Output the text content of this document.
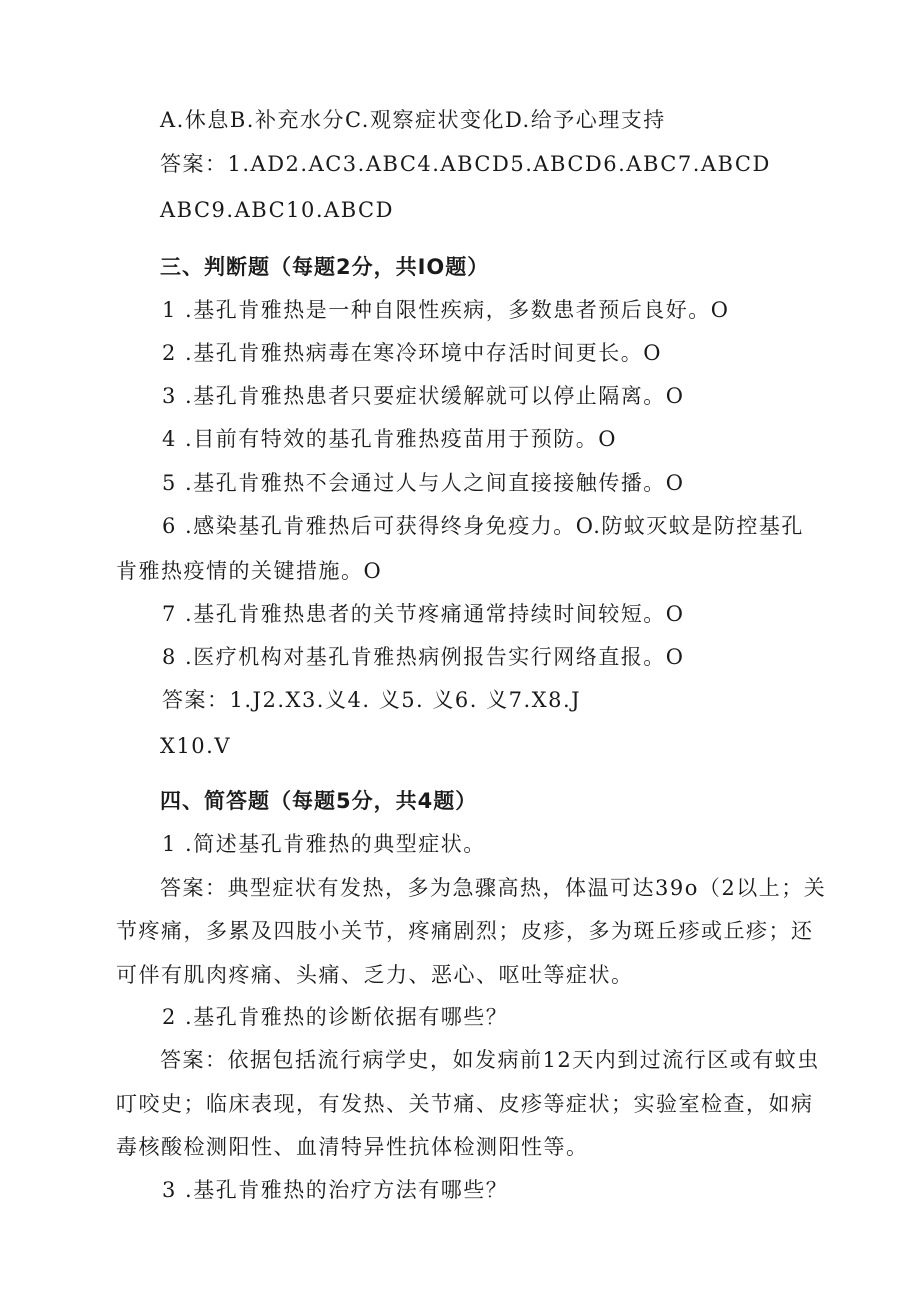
A.休息B.补充水分C.观察症状变化D.给予心理支持
答案：1.AD2.AC3.ABC4.ABCD5.ABCD6.ABC7.ABCD
ABC9.ABC10.ABCD
三、判断题（每题2分，共IO题）
1 .基孔肯雅热是一种自限性疾病，多数患者预后良好。O
2 .基孔肯雅热病毒在寒冷环境中存活时间更长。O
3 .基孔肯雅热患者只要症状缓解就可以停止隔离。O
4 .目前有特效的基孔肯雅热疫苗用于预防。O
5 .基孔肯雅热不会通过人与人之间直接接触传播。O
6 .感染基孔肯雅热后可获得终身免疫力。O.防蚊灭蚊是防控基孔
肯雅热疫情的关键措施。O
7 .基孔肯雅热患者的关节疼痛通常持续时间较短。O
8 .医疗机构对基孔肯雅热病例报告实行网络直报。O
答案：1.J2.X3.义4. 义5. 义6. 义7.X8.J
X10.V
四、简答题（每题5分，共4题）
1 .简述基孔肯雅热的典型症状。
答案：典型症状有发热，多为急骤高热，体温可达39o（2以上；关
节疼痛，多累及四肢小关节，疼痛剧烈；皮疹，多为斑丘疹或丘疹；还
可伴有肌肉疼痛、头痛、乏力、恶心、呕吐等症状。
2 .基孔肯雅热的诊断依据有哪些？
答案：依据包括流行病学史，如发病前12天内到过流行区或有蚊虫
叮咬史；临床表现，有发热、关节痛、皮疹等症状；实验室检查，如病
毒核酸检测阳性、血清特异性抗体检测阳性等。
3 .基孔肯雅热的治疗方法有哪些？
